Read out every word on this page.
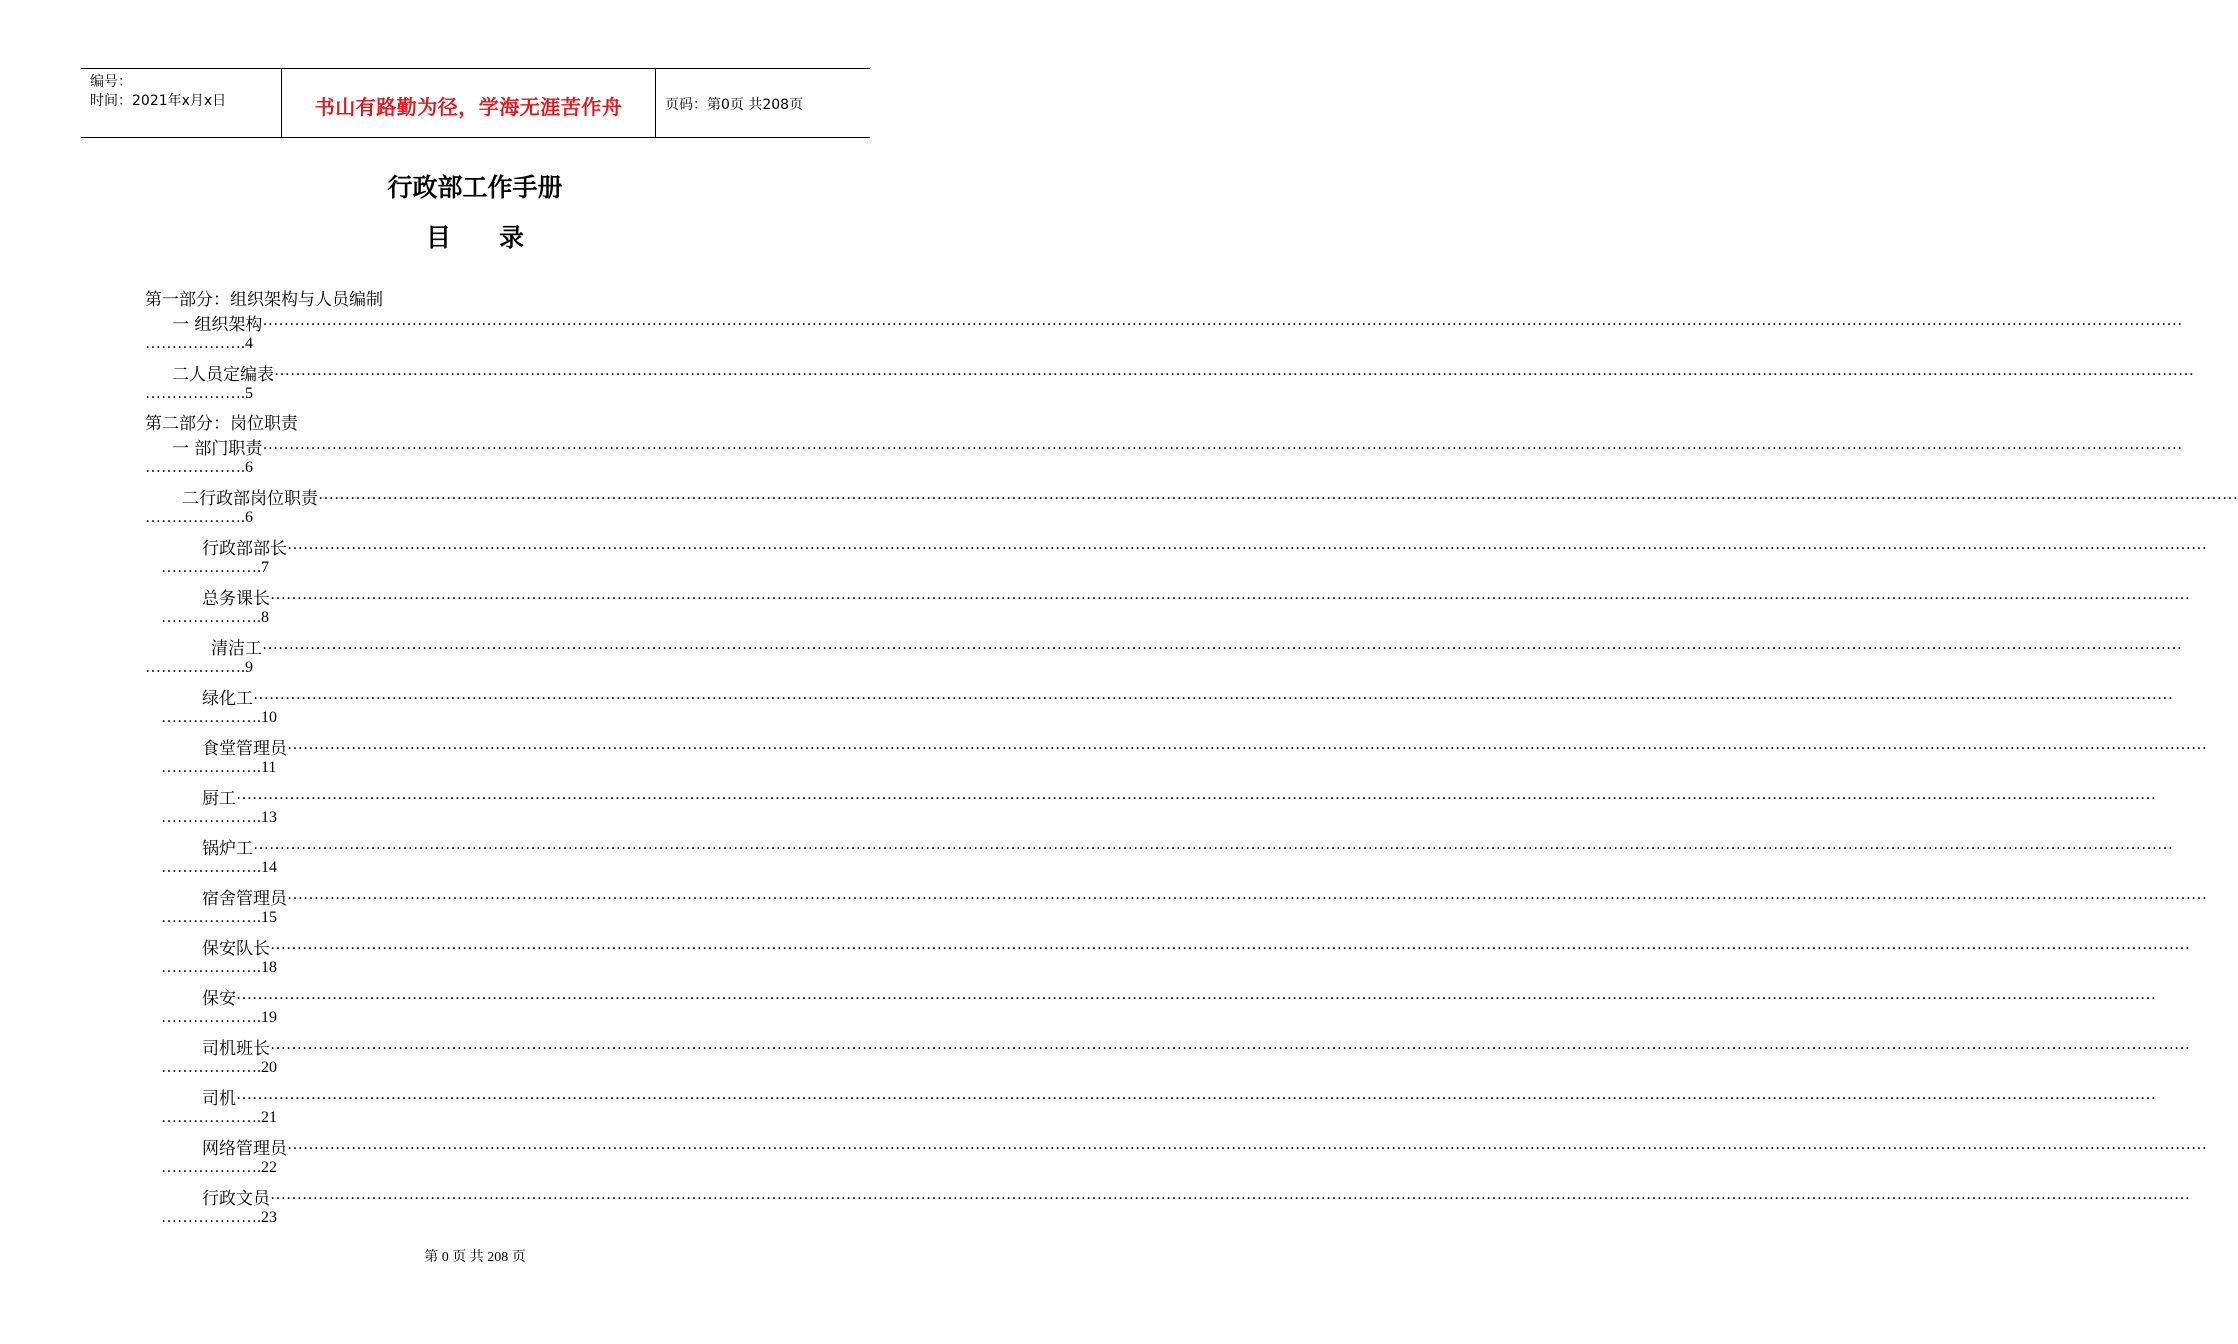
编号：
时间：2021年x月x日	书山有路勤为径，学海无涯苦作舟	页码：第0页 共208页
行政部工作手册
目 录
第一部分：组织架构与人员编制
第二部分：岗位职责
一 组织架构 ………………………………………………………………………………………………………………………………………………………………………………………………………………………………………………………………………………………………………………………………
……………….4
二人员定编表 ………………………………………………………………………………………………………………………………………………………………………………………………………………………………………………………………………………………………………………………………
……………….5
一 部门职责 ………………………………………………………………………………………………………………………………………………………………………………………………………………………………………………………………………………………………………………………………
……………….6
二行政部岗位职责 ………………………………………………………………………………………………………………………………………………………………………………………………………………………………………………………………………………………………………………………………
……………….6
行政部部长 ………………………………………………………………………………………………………………………………………………………………………………………………………………………………………………………………………………………………………………………………
……………….7
总务课长 ………………………………………………………………………………………………………………………………………………………………………………………………………………………………………………………………………………………………………………………………
……………….8
清洁工 ………………………………………………………………………………………………………………………………………………………………………………………………………………………………………………………………………………………………………………………………
……………….9
绿化工 ………………………………………………………………………………………………………………………………………………………………………………………………………………………………………………………………………………………………………………………………
……………….10
食堂管理员 ………………………………………………………………………………………………………………………………………………………………………………………………………………………………………………………………………………………………………………………………
……………….11
厨工 ………………………………………………………………………………………………………………………………………………………………………………………………………………………………………………………………………………………………………………………………
……………….13
锅炉工 ………………………………………………………………………………………………………………………………………………………………………………………………………………………………………………………………………………………………………………………………
……………….14
宿舍管理员 ………………………………………………………………………………………………………………………………………………………………………………………………………………………………………………………………………………………………………………………………
……………….15
保安队长 ………………………………………………………………………………………………………………………………………………………………………………………………………………………………………………………………………………………………………………………………
……………….18
保安 ………………………………………………………………………………………………………………………………………………………………………………………………………………………………………………………………………………………………………………………………
……………….19
司机班长 ………………………………………………………………………………………………………………………………………………………………………………………………………………………………………………………………………………………………………………………………
……………….20
司机 ………………………………………………………………………………………………………………………………………………………………………………………………………………………………………………………………………………………………………………………………
……………….21
网络管理员 ………………………………………………………………………………………………………………………………………………………………………………………………………………………………………………………………………………………………………………………………
……………….22
行政文员 ………………………………………………………………………………………………………………………………………………………………………………………………………………………………………………………………………………………………………………………………
……………….23
第 0 页 共 208 页
